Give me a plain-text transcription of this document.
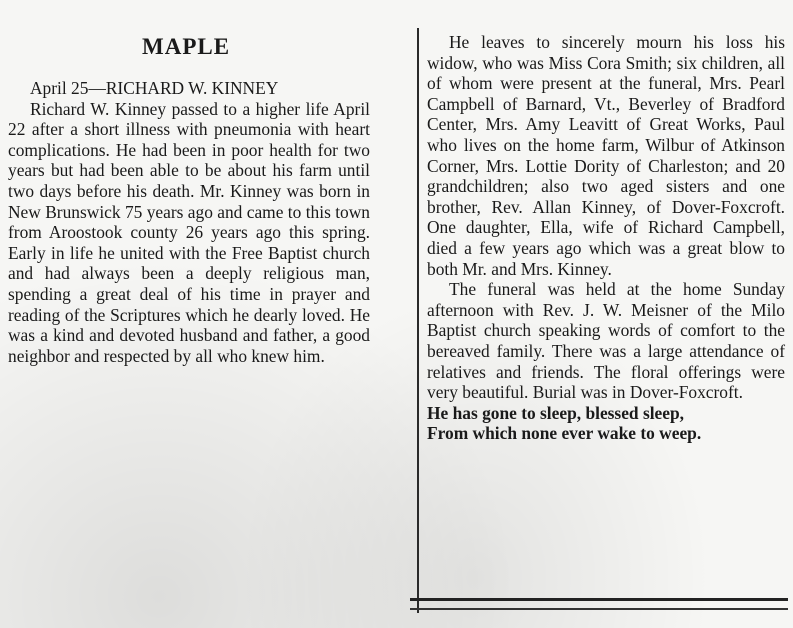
MAPLE

April 25—RICHARD W. KINNEY

Richard W. Kinney passed to a higher life April 22 after a short illness with pneumonia with heart complications. He had been in poor health for two years but had been able to be about his farm until two days before his death. Mr. Kinney was born in New Brunswick 75 years ago and came to this town from Aroostook county 26 years ago this spring. Early in life he united with the Free Baptist church and had always been a deeply religious man, spending a great deal of his time in prayer and reading of the Scriptures which he dearly loved. He was a kind and devoted husband and father, a good neighbor and respected by all who knew him.

He leaves to sincerely mourn his loss his widow, who was Miss Cora Smith; six children, all of whom were present at the funeral, Mrs. Pearl Campbell of Barnard, Vt., Beverley of Bradford Center, Mrs. Amy Leavitt of Great Works, Paul who lives on the home farm, Wilbur of Atkinson Corner, Mrs. Lottie Dority of Charleston; and 20 grandchildren; also two aged sisters and one brother, Rev. Allan Kinney, of Dover-Foxcroft. One daughter, Ella, wife of Richard Campbell, died a few years ago which was a great blow to both Mr. and Mrs. Kinney.

The funeral was held at the home Sunday afternoon with Rev. J. W. Meisner of the Milo Baptist church speaking words of comfort to the bereaved family. There was a large attendance of relatives and friends. The floral offerings were very beautiful. Burial was in Dover-Foxcroft.

He has gone to sleep, blessed sleep,

From which none ever wake to weep.
